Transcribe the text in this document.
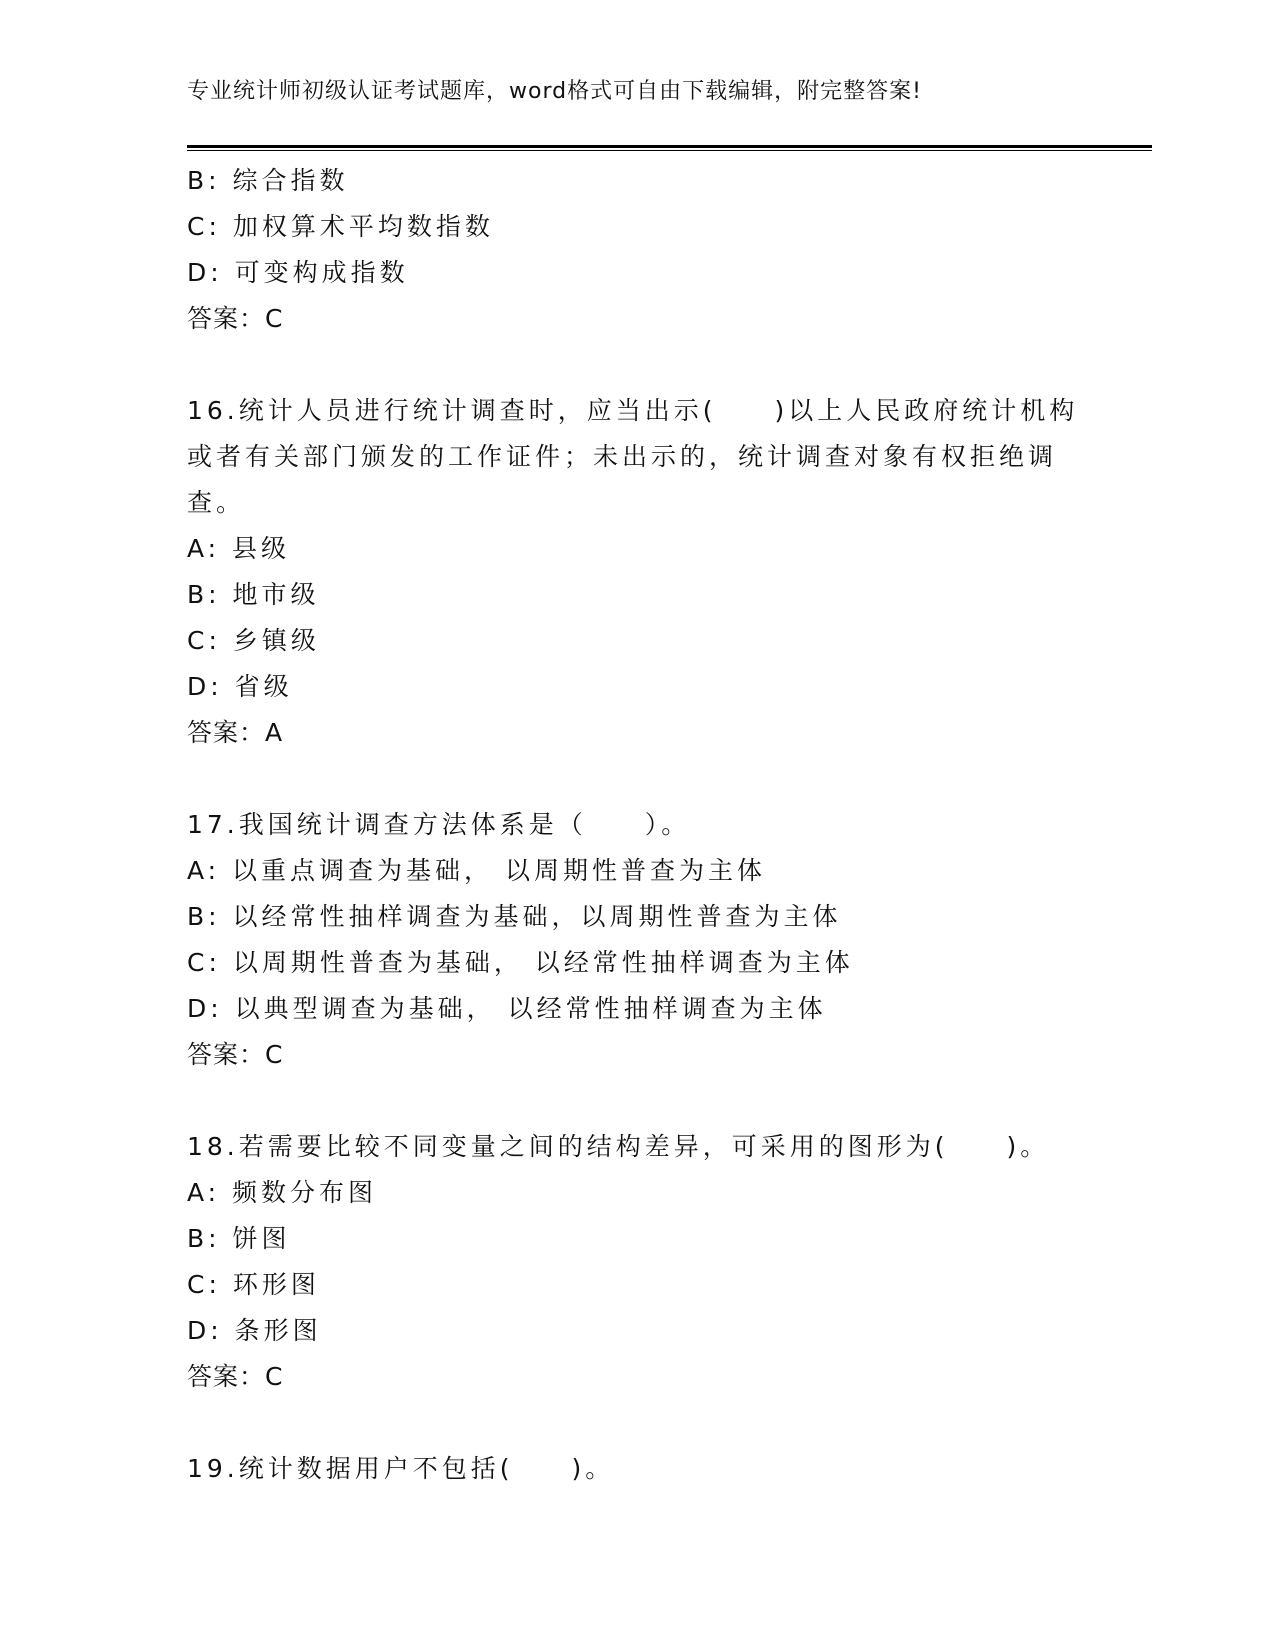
专业统计师初级认证考试题库，word格式可自由下载编辑，附完整答案!
B: 综合指数
C: 加权算术平均数指数
D: 可变构成指数
答案：C
16.统计人员进行统计调查时，应当出示(　　)以上人民政府统计机构或者有关部门颁发的工作证件；未出示的，统计调查对象有权拒绝调查。
A: 县级
B: 地市级
C: 乡镇级
D: 省级
答案：A
17.我国统计调查方法体系是（　　）。
A: 以重点调查为基础， 以周期性普查为主体
B: 以经常性抽样调查为基础，以周期性普查为主体
C: 以周期性普查为基础， 以经常性抽样调查为主体
D: 以典型调查为基础， 以经常性抽样调查为主体
答案：C
18.若需要比较不同变量之间的结构差异，可采用的图形为(　　)。
A: 频数分布图
B: 饼图
C: 环形图
D: 条形图
答案：C
19.统计数据用户不包括(　　)。
